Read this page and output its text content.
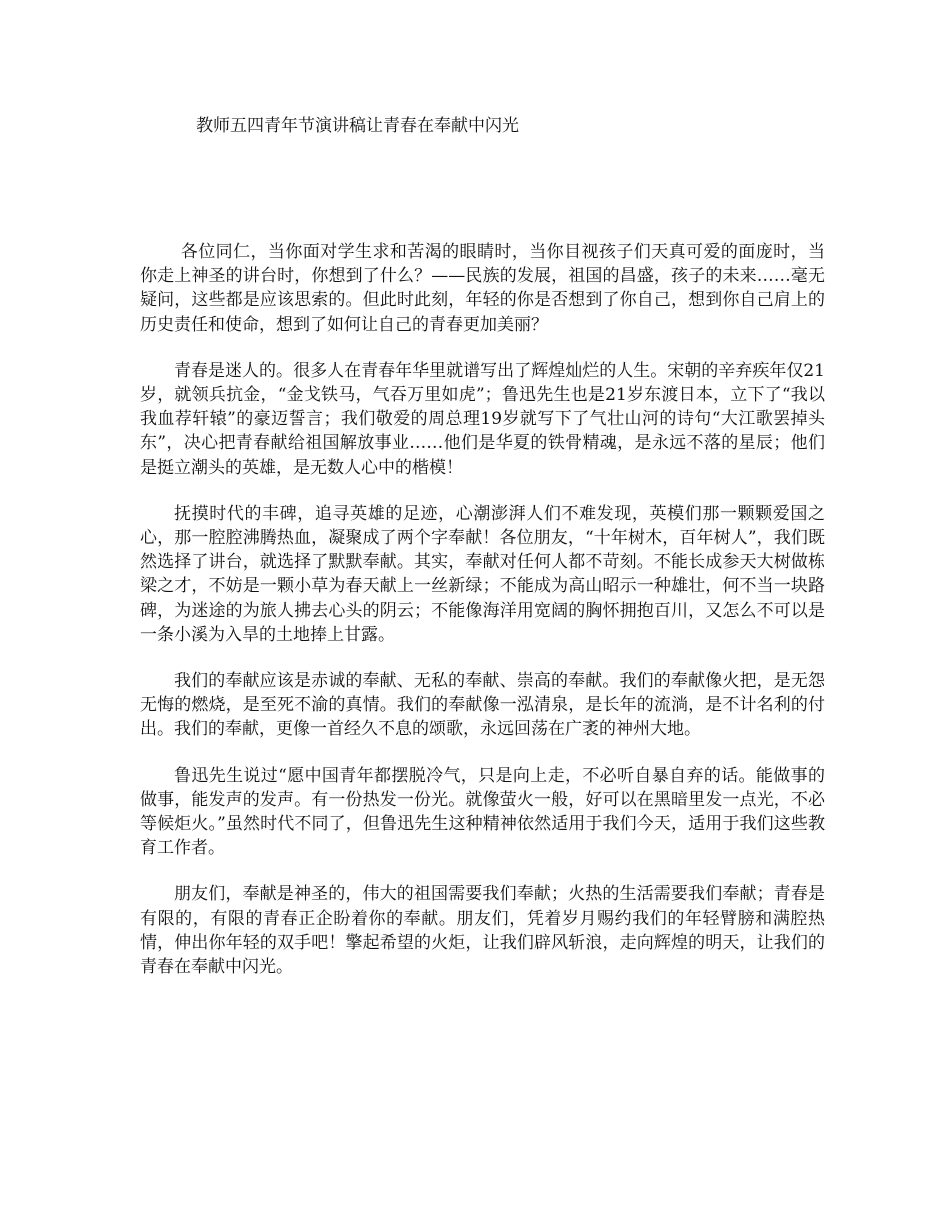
教师五四青年节演讲稿让青春在奉献中闪光

各位同仁，当你面对学生求和苦渴的眼睛时，当你目视孩子们天真可爱的面庞时，当你走上神圣的讲台时，你想到了什么？——民族的发展，祖国的昌盛，孩子的未来……毫无疑问，这些都是应该思索的。但此时此刻，年轻的你是否想到了你自己，想到你自己肩上的历史责任和使命，想到了如何让自己的青春更加美丽？

青春是迷人的。很多人在青春年华里就谱写出了辉煌灿烂的人生。宋朝的辛弃疾年仅21岁，就领兵抗金，“金戈铁马，气吞万里如虎”；鲁迅先生也是21岁东渡日本，立下了“我以我血荐轩辕”的豪迈誓言；我们敬爱的周总理19岁就写下了气壮山河的诗句“大江歌罢掉头东”，决心把青春献给祖国解放事业……他们是华夏的铁骨精魂，是永远不落的星辰；他们是挺立潮头的英雄，是无数人心中的楷模！

抚摸时代的丰碑，追寻英雄的足迹，心潮澎湃人们不难发现，英模们那一颗颗爱国之心，那一腔腔沸腾热血，凝聚成了两个字奉献！各位朋友，“十年树木，百年树人”，我们既然选择了讲台，就选择了默默奉献。其实，奉献对任何人都不苛刻。不能长成参天大树做栋梁之才，不妨是一颗小草为春天献上一丝新绿；不能成为高山昭示一种雄壮，何不当一块路碑，为迷途的为旅人拂去心头的阴云；不能像海洋用宽阔的胸怀拥抱百川，又怎么不可以是一条小溪为入旱的土地捧上甘露。

我们的奉献应该是赤诚的奉献、无私的奉献、崇高的奉献。我们的奉献像火把，是无怨无悔的燃烧，是至死不渝的真情。我们的奉献像一泓清泉，是长年的流淌，是不计名利的付出。我们的奉献，更像一首经久不息的颂歌，永远回荡在广袤的神州大地。

鲁迅先生说过“愿中国青年都摆脱冷气，只是向上走，不必听自暴自弃的话。能做事的做事，能发声的发声。有一份热发一份光。就像萤火一般，好可以在黑暗里发一点光，不必等候炬火。”虽然时代不同了，但鲁迅先生这种精神依然适用于我们今天，适用于我们这些教育工作者。

朋友们，奉献是神圣的，伟大的祖国需要我们奉献；火热的生活需要我们奉献；青春是有限的，有限的青春正企盼着你的奉献。朋友们，凭着岁月赐约我们的年轻臂膀和满腔热情，伸出你年轻的双手吧！擎起希望的火炬，让我们辟风斩浪，走向辉煌的明天，让我们的青春在奉献中闪光。
